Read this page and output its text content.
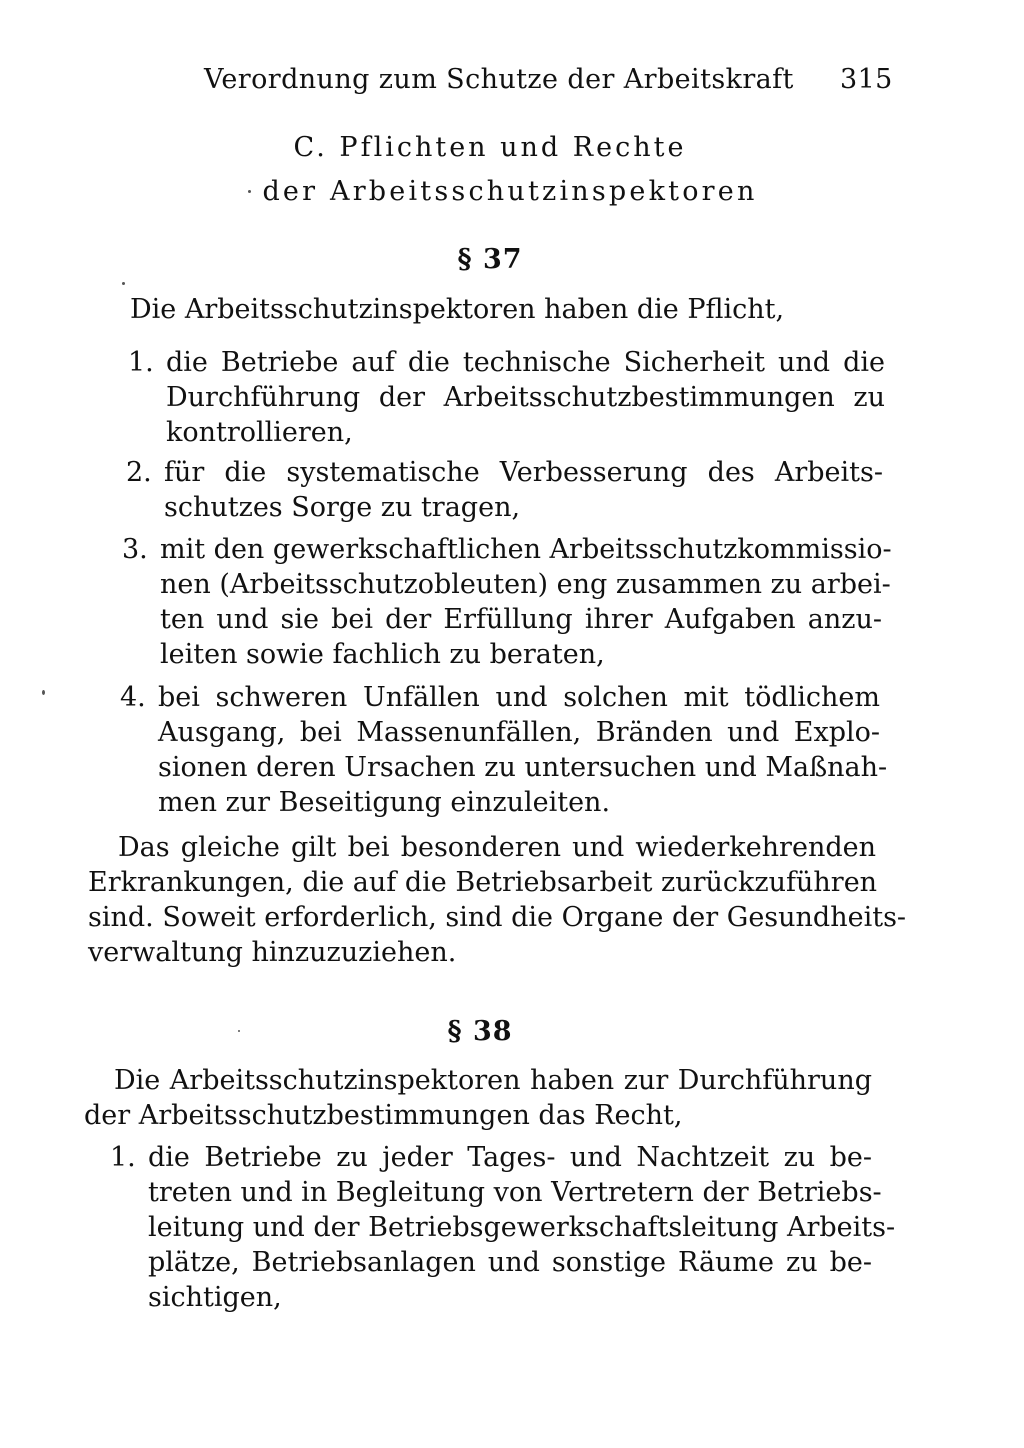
Verordnung zum Schutze der Arbeitskraft 315
C. Pflichten und Rechte
der Arbeitsschutzinspektoren
§ 37
Die Arbeitsschutzinspektoren haben die Pflicht,
1. die Betriebe auf die technische Sicherheit und die
Durchführung der Arbeitsschutzbestimmungen zu
kontrollieren,
2. für die systematische Verbesserung des Arbeits-
schutzes Sorge zu tragen,
3. mit den gewerkschaftlichen Arbeitsschutzkommissio-
nen (Arbeitsschutzobleuten) eng zusammen zu arbei-
ten und sie bei der Erfüllung ihrer Aufgaben anzu-
leiten sowie fachlich zu beraten,
4. bei schweren Unfällen und solchen mit tödlichem
Ausgang, bei Massenunfällen, Bränden und Explo-
sionen deren Ursachen zu untersuchen und Maßnah-
men zur Beseitigung einzuleiten.
Das gleiche gilt bei besonderen und wiederkehrenden
Erkrankungen, die auf die Betriebsarbeit zurückzuführen
sind. Soweit erforderlich, sind die Organe der Gesundheits-
verwaltung hinzuzuziehen.
§ 38
Die Arbeitsschutzinspektoren haben zur Durchführung
der Arbeitsschutzbestimmungen das Recht,
1. die Betriebe zu jeder Tages- und Nachtzeit zu be-
treten und in Begleitung von Vertretern der Betriebs-
leitung und der Betriebsgewerkschaftsleitung Arbeits-
plätze, Betriebsanlagen und sonstige Räume zu be-
sichtigen,
